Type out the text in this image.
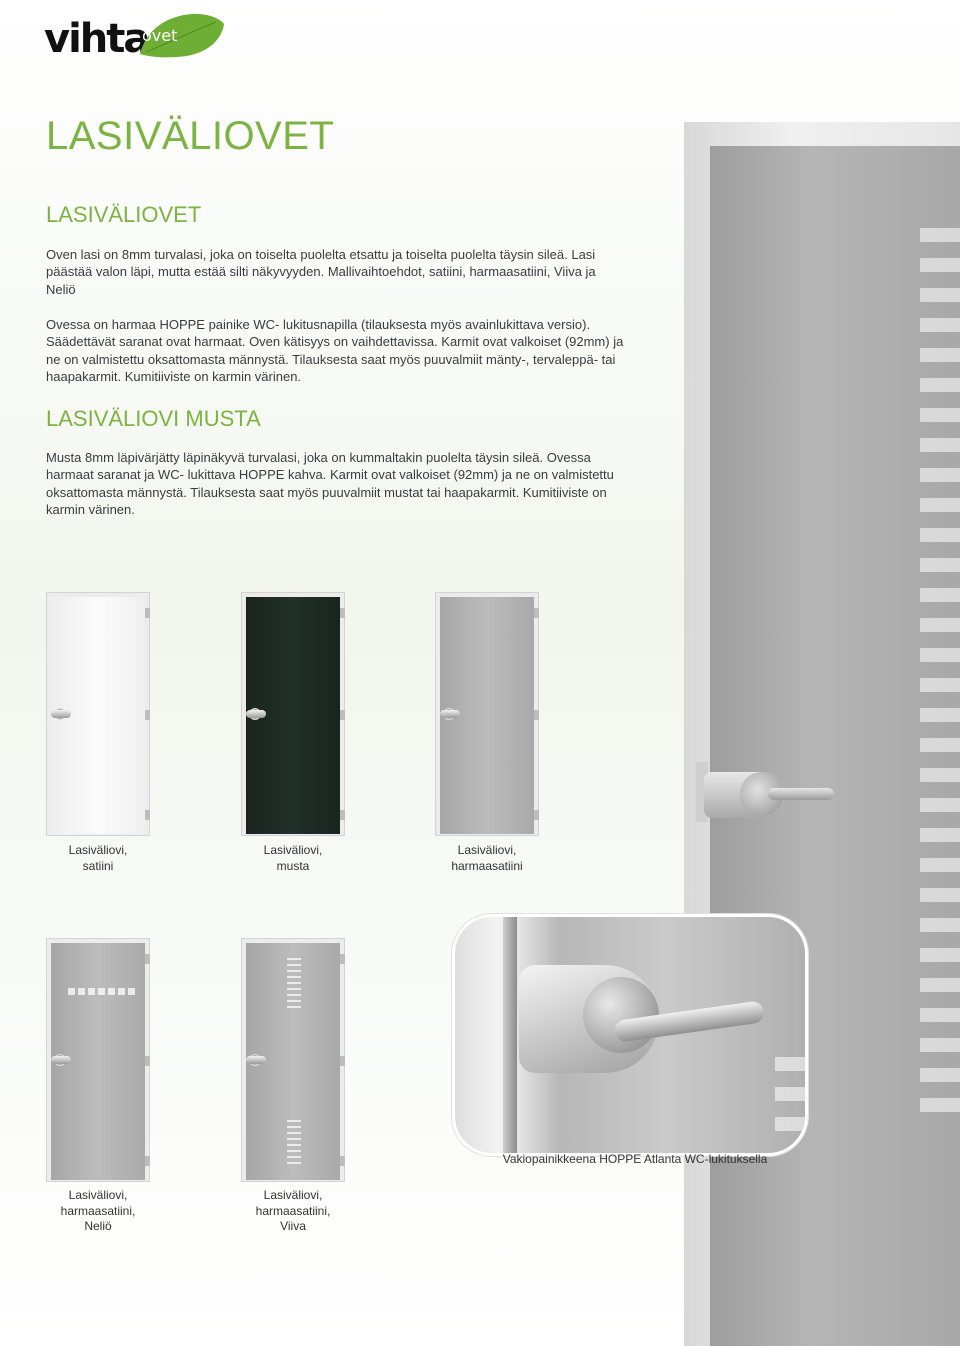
vihta
ovet
LASIVÄLIOVET
LASIVÄLIOVET

Oven lasi on 8mm turvalasi, joka on toiselta puolelta etsattu ja toiselta puolelta täysin sileä. Lasi päästää valon läpi, mutta estää silti näkyvyyden. Mallivaihtoehdot, satiini, harmaasatiini, Viiva ja Neliö

Ovessa on harmaa HOPPE painike WC- lukitusnapilla (tilauksesta myös avainlukittava versio). Säädettävät saranat ovat harmaat. Oven kätisyys on vaihdettavissa. Karmit ovat valkoiset (92mm) ja ne on valmistettu oksattomasta männystä. Tilauksesta saat myös puuvalmiit mänty-, tervaleppä- tai haapakarmit. Kumitiiviste on karmin värinen.

LASIVÄLIOVI MUSTA

Musta 8mm läpivärjätty läpinäkyvä turvalasi, joka on kummaltakin puolelta täysin sileä. Ovessa harmaat saranat ja WC- lukittava HOPPE kahva. Karmit ovat valkoiset (92mm) ja ne on valmistettu oksattomasta männystä. Tilauksesta saat myös puuvalmiit mustat tai haapakarmit. Kumitiiviste on karmin värinen.

Lasiväliovi,
satiini

Lasiväliovi,
musta

Lasiväliovi,
harmaasatiini

Lasiväliovi,
harmaasatiini,
Neliö

Lasiväliovi,
harmaasatiini,
Viiva

Vakiopainikkeena HOPPE Atlanta WC-lukituksella
